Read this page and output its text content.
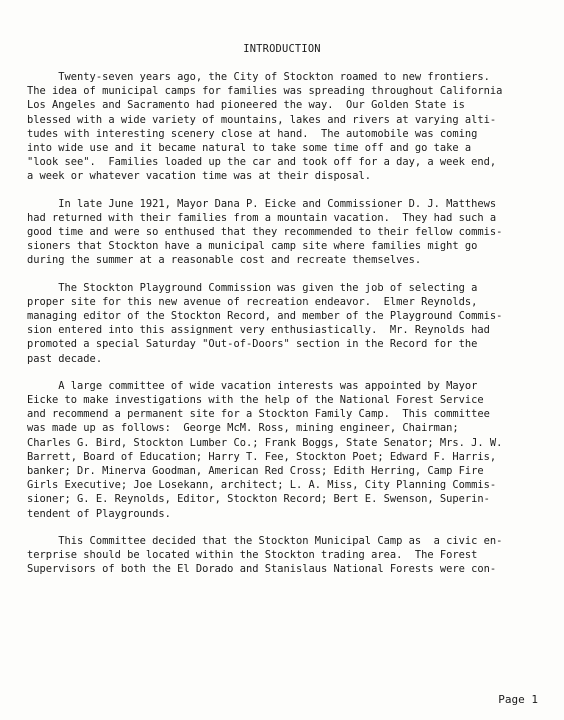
INTRODUCTION

Twenty-seven years ago, the City of Stockton roamed to new frontiers.
The idea of municipal camps for families was spreading throughout California
Los Angeles and Sacramento had pioneered the way.  Our Golden State is
blessed with a wide variety of mountains, lakes and rivers at varying alti-
tudes with interesting scenery close at hand.  The automobile was coming
into wide use and it became natural to take some time off and go take a
"look see".  Families loaded up the car and took off for a day, a week end,
a week or whatever vacation time was at their disposal.

In late June 1921, Mayor Dana P. Eicke and Commissioner D. J. Matthews
had returned with their families from a mountain vacation.  They had such a
good time and were so enthused that they recommended to their fellow commis-
sioners that Stockton have a municipal camp site where families might go
during the summer at a reasonable cost and recreate themselves.

The Stockton Playground Commission was given the job of selecting a
proper site for this new avenue of recreation endeavor.  Elmer Reynolds,
managing editor of the Stockton Record, and member of the Playground Commis-
sion entered into this assignment very enthusiastically.  Mr. Reynolds had
promoted a special Saturday "Out-of-Doors" section in the Record for the
past decade.

A large committee of wide vacation interests was appointed by Mayor
Eicke to make investigations with the help of the National Forest Service
and recommend a permanent site for a Stockton Family Camp.  This committee
was made up as follows:  George McM. Ross, mining engineer, Chairman;
Charles G. Bird, Stockton Lumber Co.; Frank Boggs, State Senator; Mrs. J. W.
Barrett, Board of Education; Harry T. Fee, Stockton Poet; Edward F. Harris,
banker; Dr. Minerva Goodman, American Red Cross; Edith Herring, Camp Fire
Girls Executive; Joe Losekann, architect; L. A. Miss, City Planning Commis-
sioner; G. E. Reynolds, Editor, Stockton Record; Bert E. Swenson, Superin-
tendent of Playgrounds.

This Committee decided that the Stockton Municipal Camp as  a civic en-
terprise should be located within the Stockton trading area.  The Forest
Supervisors of both the El Dorado and Stanislaus National Forests were con-

Page 1
